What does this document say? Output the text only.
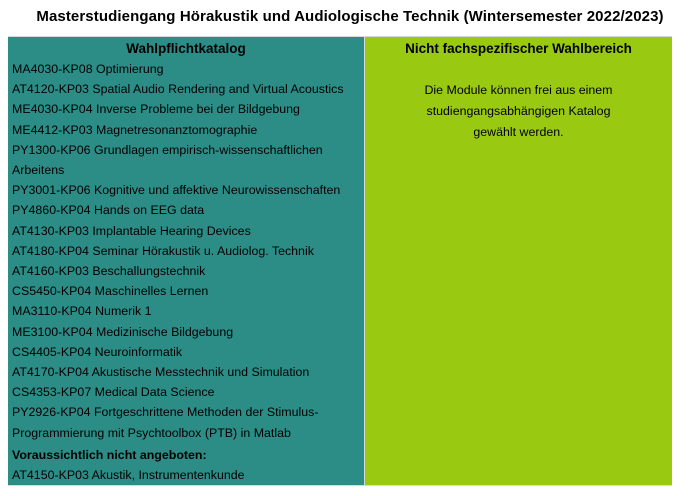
Masterstudiengang Hörakustik und Audiologische Technik (Wintersemester 2022/2023)
Wahlpflichtkatalog
MA4030-KP08 Optimierung
AT4120-KP03 Spatial Audio Rendering and Virtual Acoustics
ME4030-KP04 Inverse Probleme bei der Bildgebung
ME4412-KP03 Magnetresonanztomographie
PY1300-KP06 Grundlagen empirisch-wissenschaftlichen Arbeitens
PY3001-KP06 Kognitive und affektive Neurowissenschaften
PY4860-KP04 Hands on EEG data
AT4130-KP03 Implantable Hearing Devices
AT4180-KP04 Seminar Hörakustik u. Audiolog. Technik
AT4160-KP03 Beschallungstechnik
CS5450-KP04 Maschinelles Lernen
MA3110-KP04 Numerik 1
ME3100-KP04 Medizinische Bildgebung
CS4405-KP04 Neuroinformatik
AT4170-KP04 Akustische Messtechnik und Simulation
CS4353-KP07 Medical Data Science
PY2926-KP04 Fortgeschrittene Methoden der Stimulus-Programmierung mit Psychtoolbox (PTB) in Matlab
Voraussichtlich nicht angeboten:
AT4150-KP03 Akustik, Instrumentenkunde
Nicht fachspezifischer Wahlbereich
Die Module können frei aus einem
studiengangsabhängigen Katalog
gewählt werden.
